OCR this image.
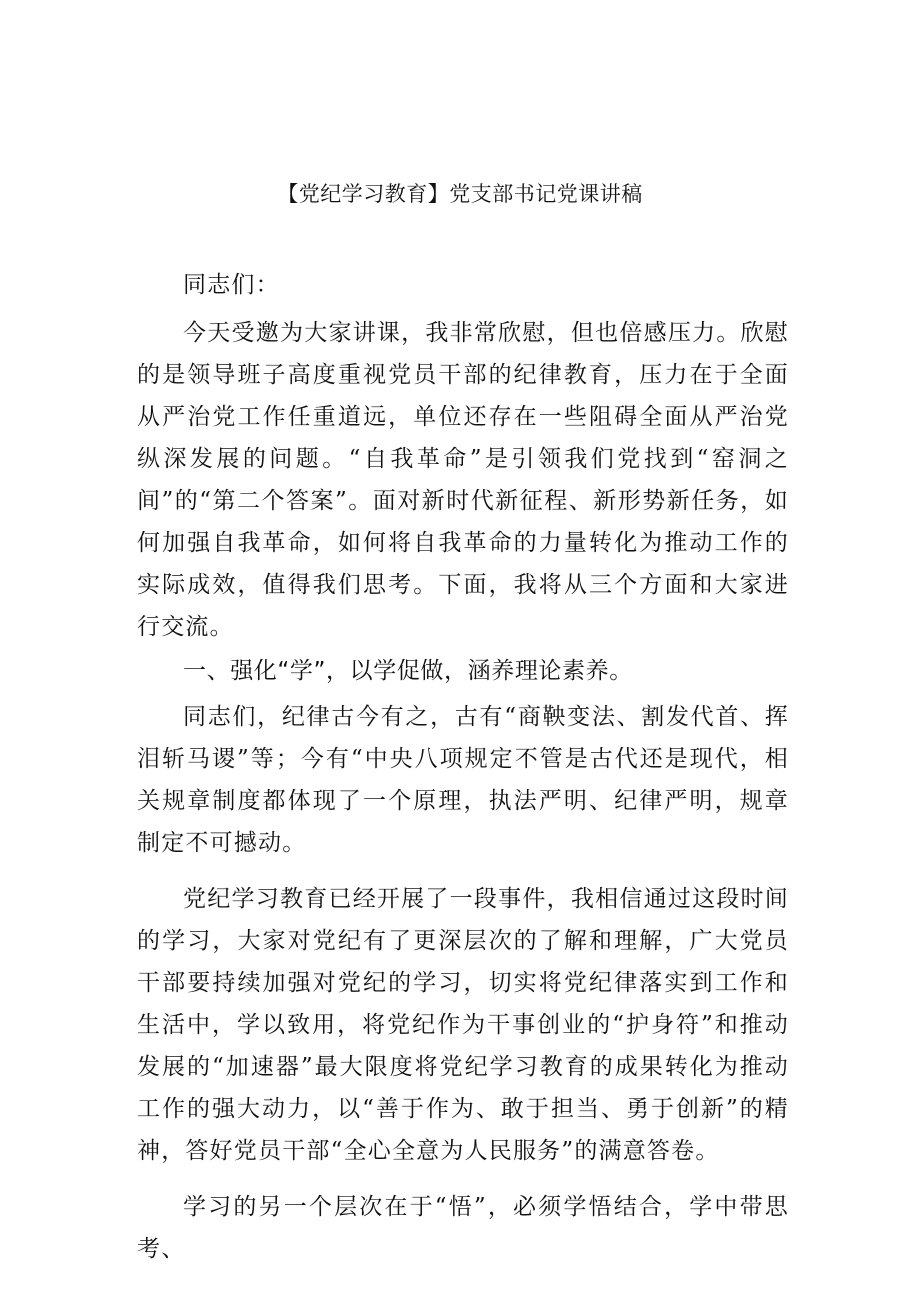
【党纪学习教育】党支部书记党课讲稿

同志们：

今天受邀为大家讲课，我非常欣慰，但也倍感压力。欣慰的是领导班子高度重视党员干部的纪律教育，压力在于全面从严治党工作任重道远，单位还存在一些阻碍全面从严治党纵深发展的问题。“自我革命”是引领我们党找到“窑洞之间”的“第二个答案”。面对新时代新征程、新形势新任务，如何加强自我革命，如何将自我革命的力量转化为推动工作的实际成效，值得我们思考。下面，我将从三个方面和大家进行交流。

一、强化“学”，以学促做，涵养理论素养。

同志们，纪律古今有之，古有“商鞅变法、割发代首、挥泪斩马谡”等；今有“中央八项规定不管是古代还是现代，相关规章制度都体现了一个原理，执法严明、纪律严明，规章制定不可撼动。

党纪学习教育已经开展了一段事件，我相信通过这段时间的学习，大家对党纪有了更深层次的了解和理解，广大党员干部要持续加强对党纪的学习，切实将党纪律落实到工作和生活中，学以致用，将党纪作为干事创业的“护身符”和推动发展的“加速器”最大限度将党纪学习教育的成果转化为推动工作的强大动力，以“善于作为、敢于担当、勇于创新”的精神，答好党员干部“全心全意为人民服务”的满意答卷。

学习的另一个层次在于“悟”，必须学悟结合，学中带思考、
